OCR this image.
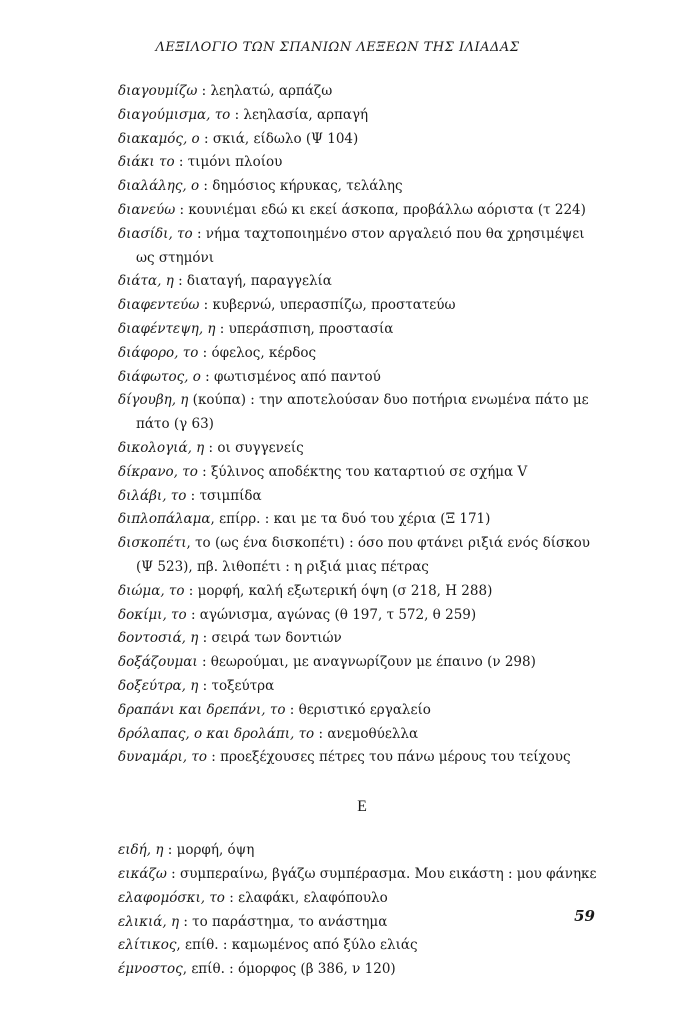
ΛΕΞΙΛΟΓΙΟ ΤΩΝ ΣΠΑΝΙΩΝ ΛΕΞΕΩΝ ΤΗΣ ΙΛΙΑΔΑΣ

διαγουμίζω : λεηλατώ, αρπάζω

διαγούμισμα, το : λεηλασία, αρπαγή

διακαμός, ο : σκιά, είδωλο (Ψ 104)

διάκι το : τιμόνι πλοίου

διαλάλης, ο : δημόσιος κήρυκας, τελάλης

διανεύω : κουνιέμαι εδώ κι εκεί άσκοπα, προβάλλω αόριστα (τ 224)

διασίδι, το : νήμα ταχτοποιημένο στον αργαλειό που θα χρησιμέψει ως στημόνι

διάτα, η : διαταγή, παραγγελία

διαφεντεύω : κυβερνώ, υπερασπίζω, προστατεύω

διαφέντεψη, η : υπεράσπιση, προστασία

διάφορο, το : όφελος, κέρδος

διάφωτος, ο : φωτισμένος από παντού

δίγουβη, η (κούπα) : την αποτελούσαν δυο ποτήρια ενωμένα πάτο με πάτο (γ 63)

δικολογιά, η : οι συγγενείς

δίκρανο, το : ξύλινος αποδέκτης του καταρτιού σε σχήμα V

διλάβι, το : τσιμπίδα

διπλοπάλαμα, επίρρ. : και με τα δυό του χέρια (Ξ 171)

δισκοπέτι, το (ως ένα δισκοπέτι) : όσο που φτάνει ριξιά ενός δίσκου (Ψ 523), πβ. λιθοπέτι : η ριξιά μιας πέτρας

διώμα, το : μορφή, καλή εξωτερική όψη (σ 218, Η 288)

δοκίμι, το : αγώνισμα, αγώνας (θ 197, τ 572, θ 259)

δοντοσιά, η : σειρά των δοντιών

δοξάζουμαι : θεωρούμαι, με αναγνωρίζουν με έπαινο (ν 298)

δοξεύτρα, η : τοξεύτρα

δραπάνι και δρεπάνι, το : θεριστικό εργαλείο

δρόλαπας, ο και δρολάπι, το : ανεμοθύελλα

δυναμάρι, το : προεξέχουσες πέτρες του πάνω μέρους του τείχους

Ε

ειδή, η : μορφή, όψη

εικάζω : συμπεραίνω, βγάζω συμπέρασμα. Μου εικάστη : μου φάνηκε

ελαφομόσκι, το : ελαφάκι, ελαφόπουλο

ελικιά, η : το παράστημα, το ανάστημα

ελίτικος, επίθ. : καμωμένος από ξύλο ελιάς

έμνοστος, επίθ. : όμορφος (β 386, ν 120)

59
